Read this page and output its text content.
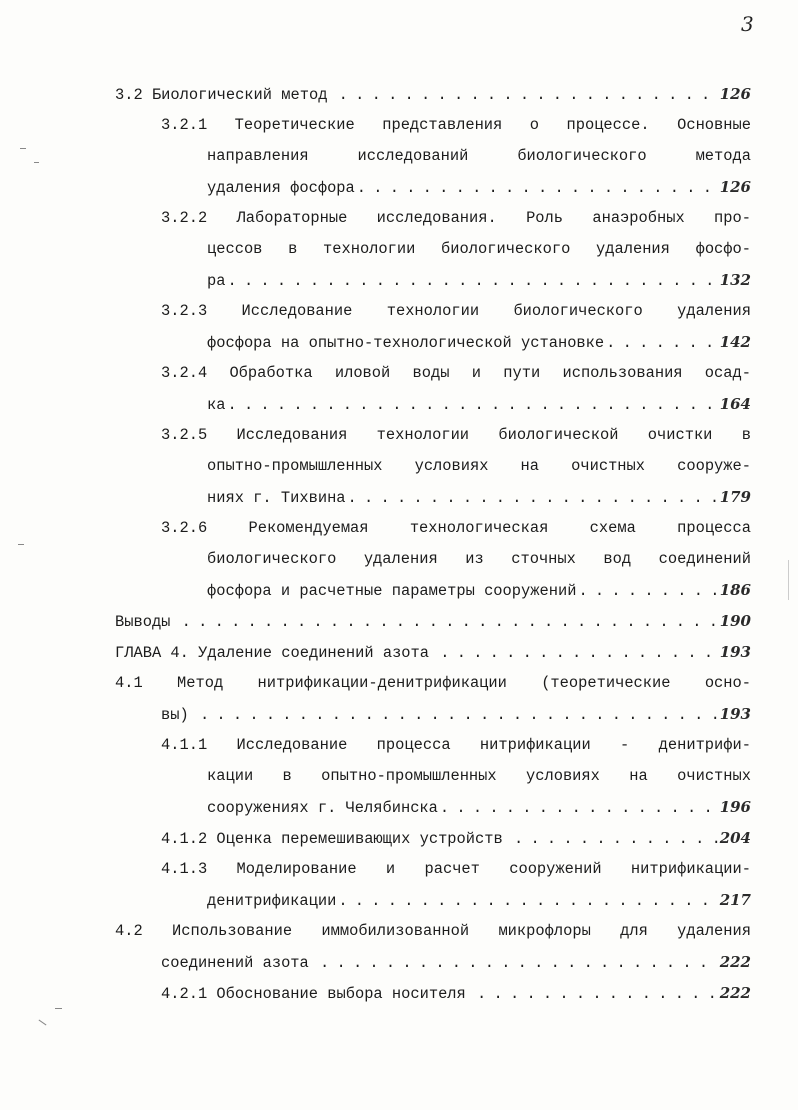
3
3.2 Биологический метод . . .	126
3.2.1 Теоретические представления о процессе. Основные
направления исследований биологического метода
удаления фосфора . . .	126
3.2.2 Лабораторные исследования. Роль анаэробных про-
цессов в технологии биологического удаления фосфо-
ра . . .	132
3.2.3 Исследование технологии биологического удаления
фосфора на опытно-технологической установке . . .	142
3.2.4 Обработка иловой воды и пути использования осад-
ка . . .	164
3.2.5 Исследования технологии биологической очистки в
опытно-промышленных условиях на очистных сооруже-
ниях г. Тихвина . . .	179
3.2.6 Рекомендуемая технологическая схема процесса
биологического удаления из сточных вод соединений
фосфора и расчетные параметры сооружений . . .	186
Выводы . . .	190
ГЛАВА 4. Удаление соединений азота . . .	193
4.1 Метод нитрификации-денитрификации (теоретические осно-
вы) . . .	193
4.1.1 Исследование процесса нитрификации - денитрифи-
кации в опытно-промышленных условиях на очистных
сооружениях г. Челябинска . . .	196
4.1.2 Оценка перемешивающих устройств . . .	204
4.1.3 Моделирование и расчет сооружений нитрификации-
денитрификации . . .	217
4.2 Использование иммобилизованной микрофлоры для удаления
соединений азота . . .	222
4.2.1 Обоснование выбора носителя . . .	222
